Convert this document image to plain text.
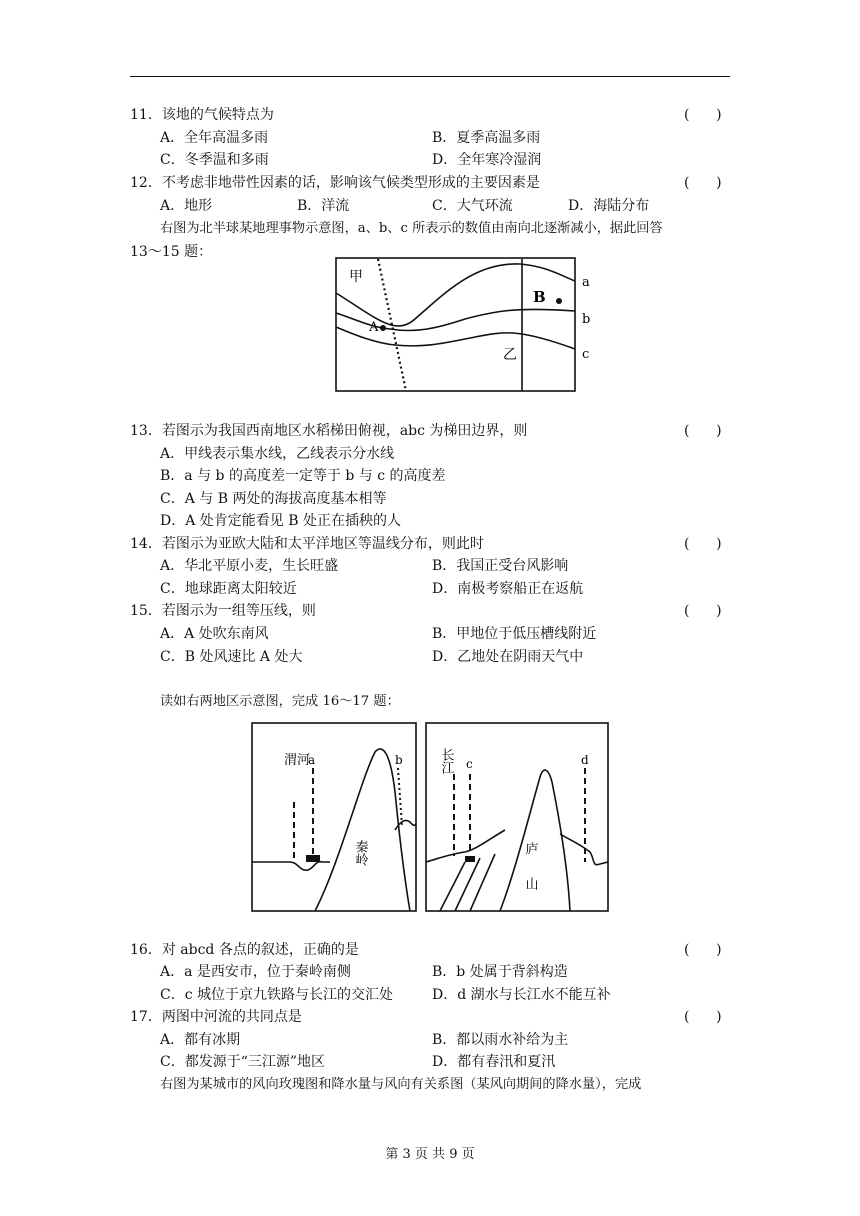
11．该地的气候特点为	(      )
A．全年高温多雨	B．夏季高温多雨
C．冬季温和多雨	D．全年寒冷湿润
12．不考虑非地带性因素的话，影响该气候类型形成的主要因素是	(      )
A．地形	B．洋流	C．大气环流	D．海陆分布
右图为北半球某地理事物示意图，a、b、c 所表示的数值由南向北逐渐减小，据此回答
13～15 题：
甲
乙
A
B
a
b
c
13．若图示为我国西南地区水稻梯田俯视，abc 为梯田边界，则	(      )
A．甲线表示集水线，乙线表示分水线
B．a 与 b 的高度差一定等于 b 与 c 的高度差
C．A 与 B 两处的海拔高度基本相等
D．A 处肯定能看见 B 处正在插秧的人
14．若图示为亚欧大陆和太平洋地区等温线分布，则此时	(      )
A．华北平原小麦，生长旺盛	B．我国正受台风影响
C．地球距离太阳较近	D．南极考察船正在返航
15．若图示为一组等压线，则	(      )
A．A 处吹东南风	B．甲地位于低压槽线附近
C．B 处风速比 A 处大	D．乙地处在阴雨天气中
读如右两地区示意图，完成 16～17 题：
渭河
a	b
秦岭
长江 c	d
庐山
16．对 abcd 各点的叙述，正确的是	(      )
A．a 是西安市，位于秦岭南侧	B．b 处属于背斜构造
C．c 城位于京九铁路与长江的交汇处	D．d 湖水与长江水不能互补
17．两图中河流的共同点是	(      )
A．都有冰期	B．都以雨水补给为主
C．都发源于“三江源”地区	D．都有春汛和夏汛
右图为某城市的风向玫瑰图和降水量与风向有关系图（某风向期间的降水量），完成
第 3 页 共 9 页
